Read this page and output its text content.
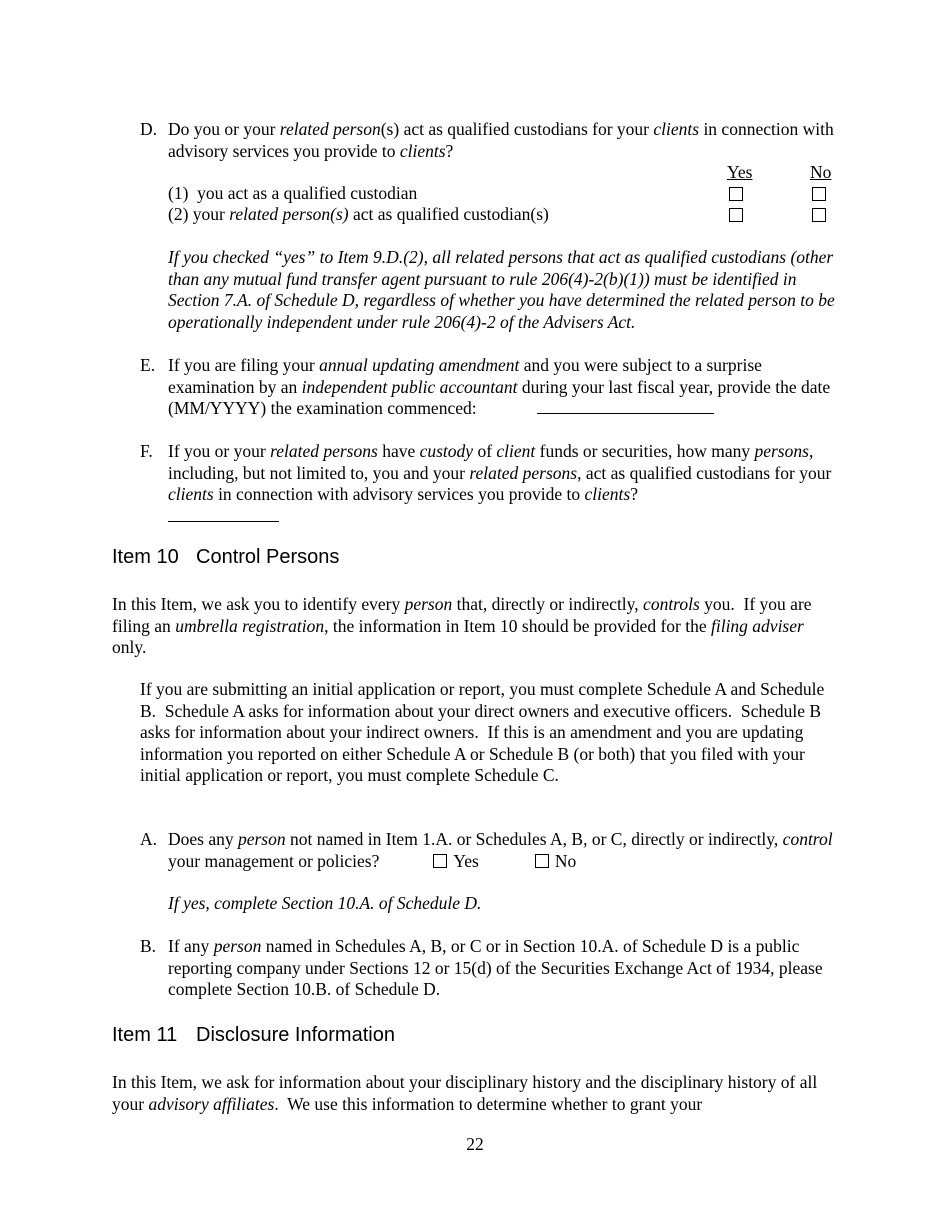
D. Do you or your related person(s) act as qualified custodians for your clients in connection with advisory services you provide to clients?
Yes	No
(1)  you act as a qualified custodian
(2) your related person(s) act as qualified custodian(s)
If you checked “yes” to Item 9.D.(2), all related persons that act as qualified custodians (other than any mutual fund transfer agent pursuant to rule 206(4)-2(b)(1)) must be identified in Section 7.A. of Schedule D, regardless of whether you have determined the related person to be operationally independent under rule 206(4)-2 of the Advisers Act.
E. If you are filing your annual updating amendment and you were subject to a surprise examination by an independent public accountant during your last fiscal year, provide the date (MM/YYYY) the examination commenced:
F. If you or your related persons have custody of client funds or securities, how many persons, including, but not limited to, you and your related persons, act as qualified custodians for your clients in connection with advisory services you provide to clients?
Item 10 Control Persons
In this Item, we ask you to identify every person that, directly or indirectly, controls you.  If you are filing an umbrella registration, the information in Item 10 should be provided for the filing adviser only.
If you are submitting an initial application or report, you must complete Schedule A and Schedule B.  Schedule A asks for information about your direct owners and executive officers.  Schedule B asks for information about your indirect owners.  If this is an amendment and you are updating information you reported on either Schedule A or Schedule B (or both) that you filed with your initial application or report, you must complete Schedule C.
A. Does any person not named in Item 1.A. or Schedules A, B, or C, directly or indirectly, control your management or policies?	Yes	No
If yes, complete Section 10.A. of Schedule D.
B. If any person named in Schedules A, B, or C or in Section 10.A. of Schedule D is a public reporting company under Sections 12 or 15(d) of the Securities Exchange Act of 1934, please complete Section 10.B. of Schedule D.
Item 11 Disclosure Information
In this Item, we ask for information about your disciplinary history and the disciplinary history of all your advisory affiliates.  We use this information to determine whether to grant your
22
